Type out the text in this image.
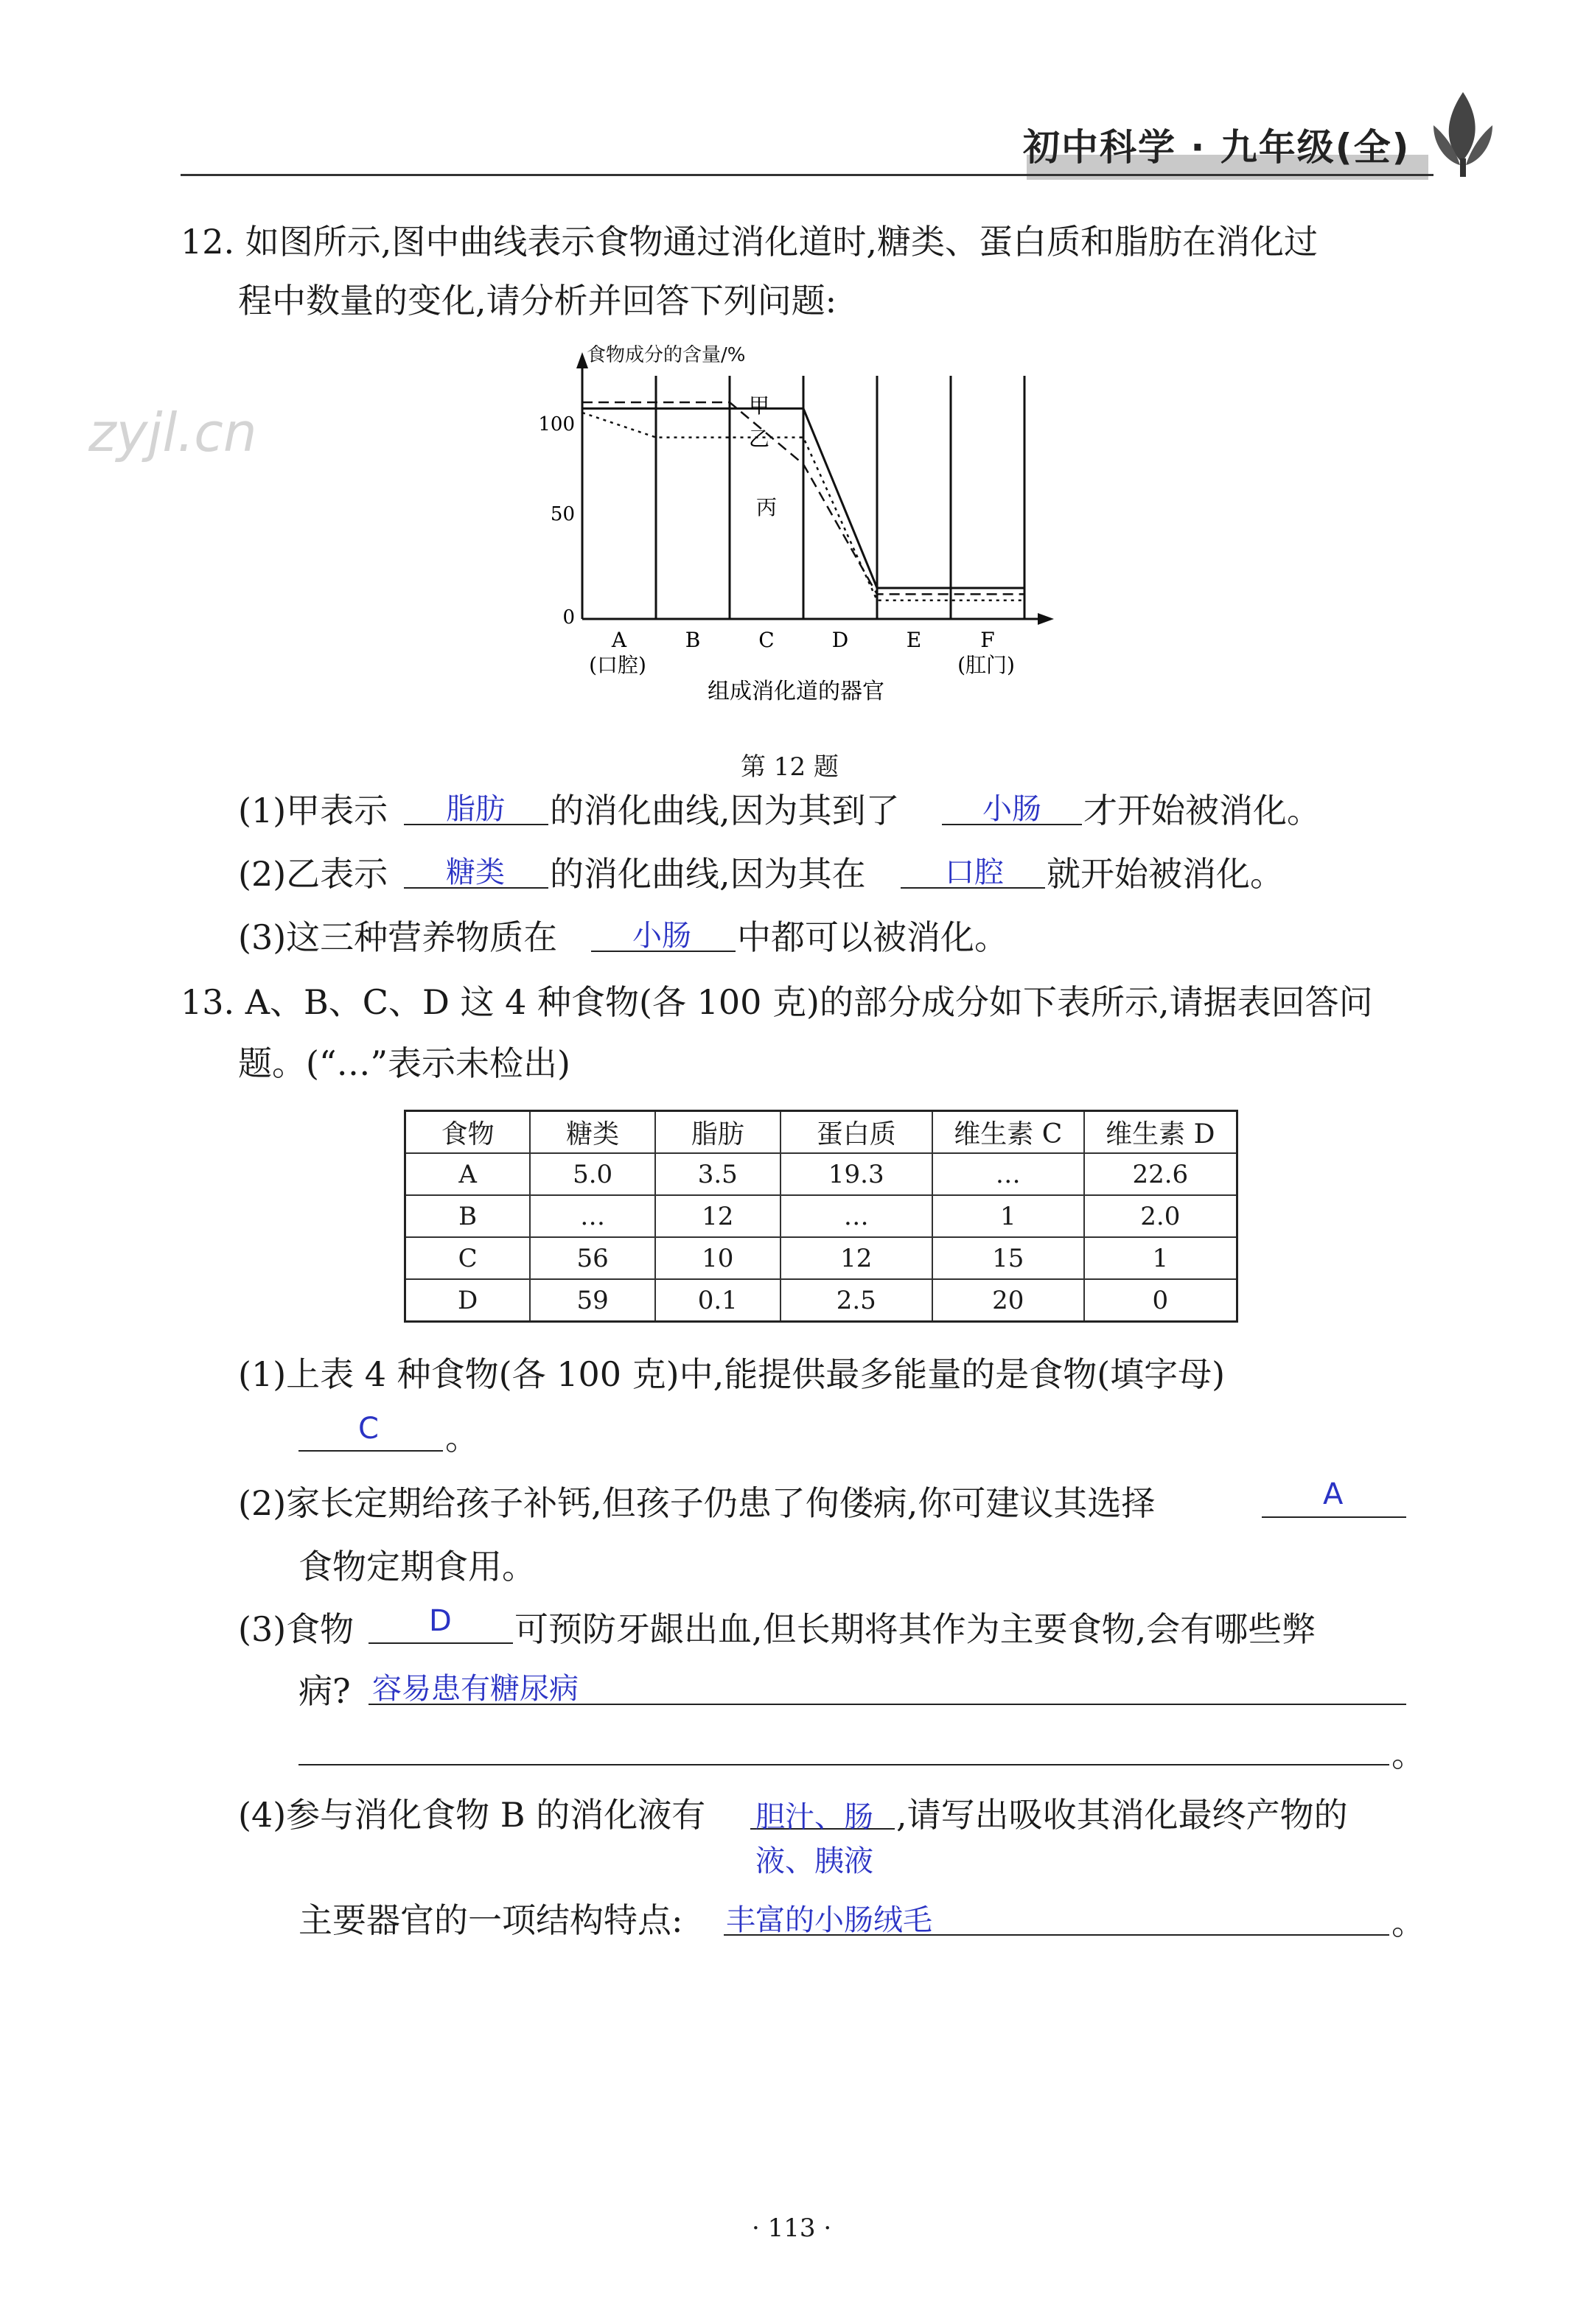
初中科学 · 九年级(全)
zyjl.cn
12. 如图所示,图中曲线表示食物通过消化道时,糖类、蛋白质和脂肪在消化过
程中数量的变化,请分析并回答下列问题:
食物成分的含量/%
100
50
0
甲
乙
丙
A	B	C	D	E	F
(口腔)	(肛门)
组成消化道的器官
第 12 题
(1)甲表示 脂肪 的消化曲线,因为其到了	小肠 才开始被消化。
(2)乙表示 糖类 的消化曲线,因为其在	口腔 就开始被消化。
(3)这三种营养物质在	小肠 中都可以被消化。
13. A、B、C、D 这 4 种食物(各 100 克)的部分成分如下表所示,请据表回答问
题。(“…”表示未检出)
食物	糖类	脂肪	蛋白质	维生素 C	维生素 D
A	5.0	3.5	19.3	…	22.6
B	…	12	…	1	2.0
C	56	10	12	15	1
D	59	0.1	2.5	20	0
(1)上表 4 种食物(各 100 克)中,能提供最多能量的是食物(填字母)
C 。
(2)家长定期给孩子补钙,但孩子仍患了佝偻病,你可建议其选择	A
食物定期食用。
(3)食物	D 可预防牙龈出血,但长期将其作为主要食物,会有哪些弊
病? 容易患有糖尿病
。
(4)参与消化食物 B 的消化液有 胆汁、肠
液、胰液
,请写出吸收其消化最终产物的
主要器官的一项结构特点: 丰富的小肠绒毛	。
· 113 ·
